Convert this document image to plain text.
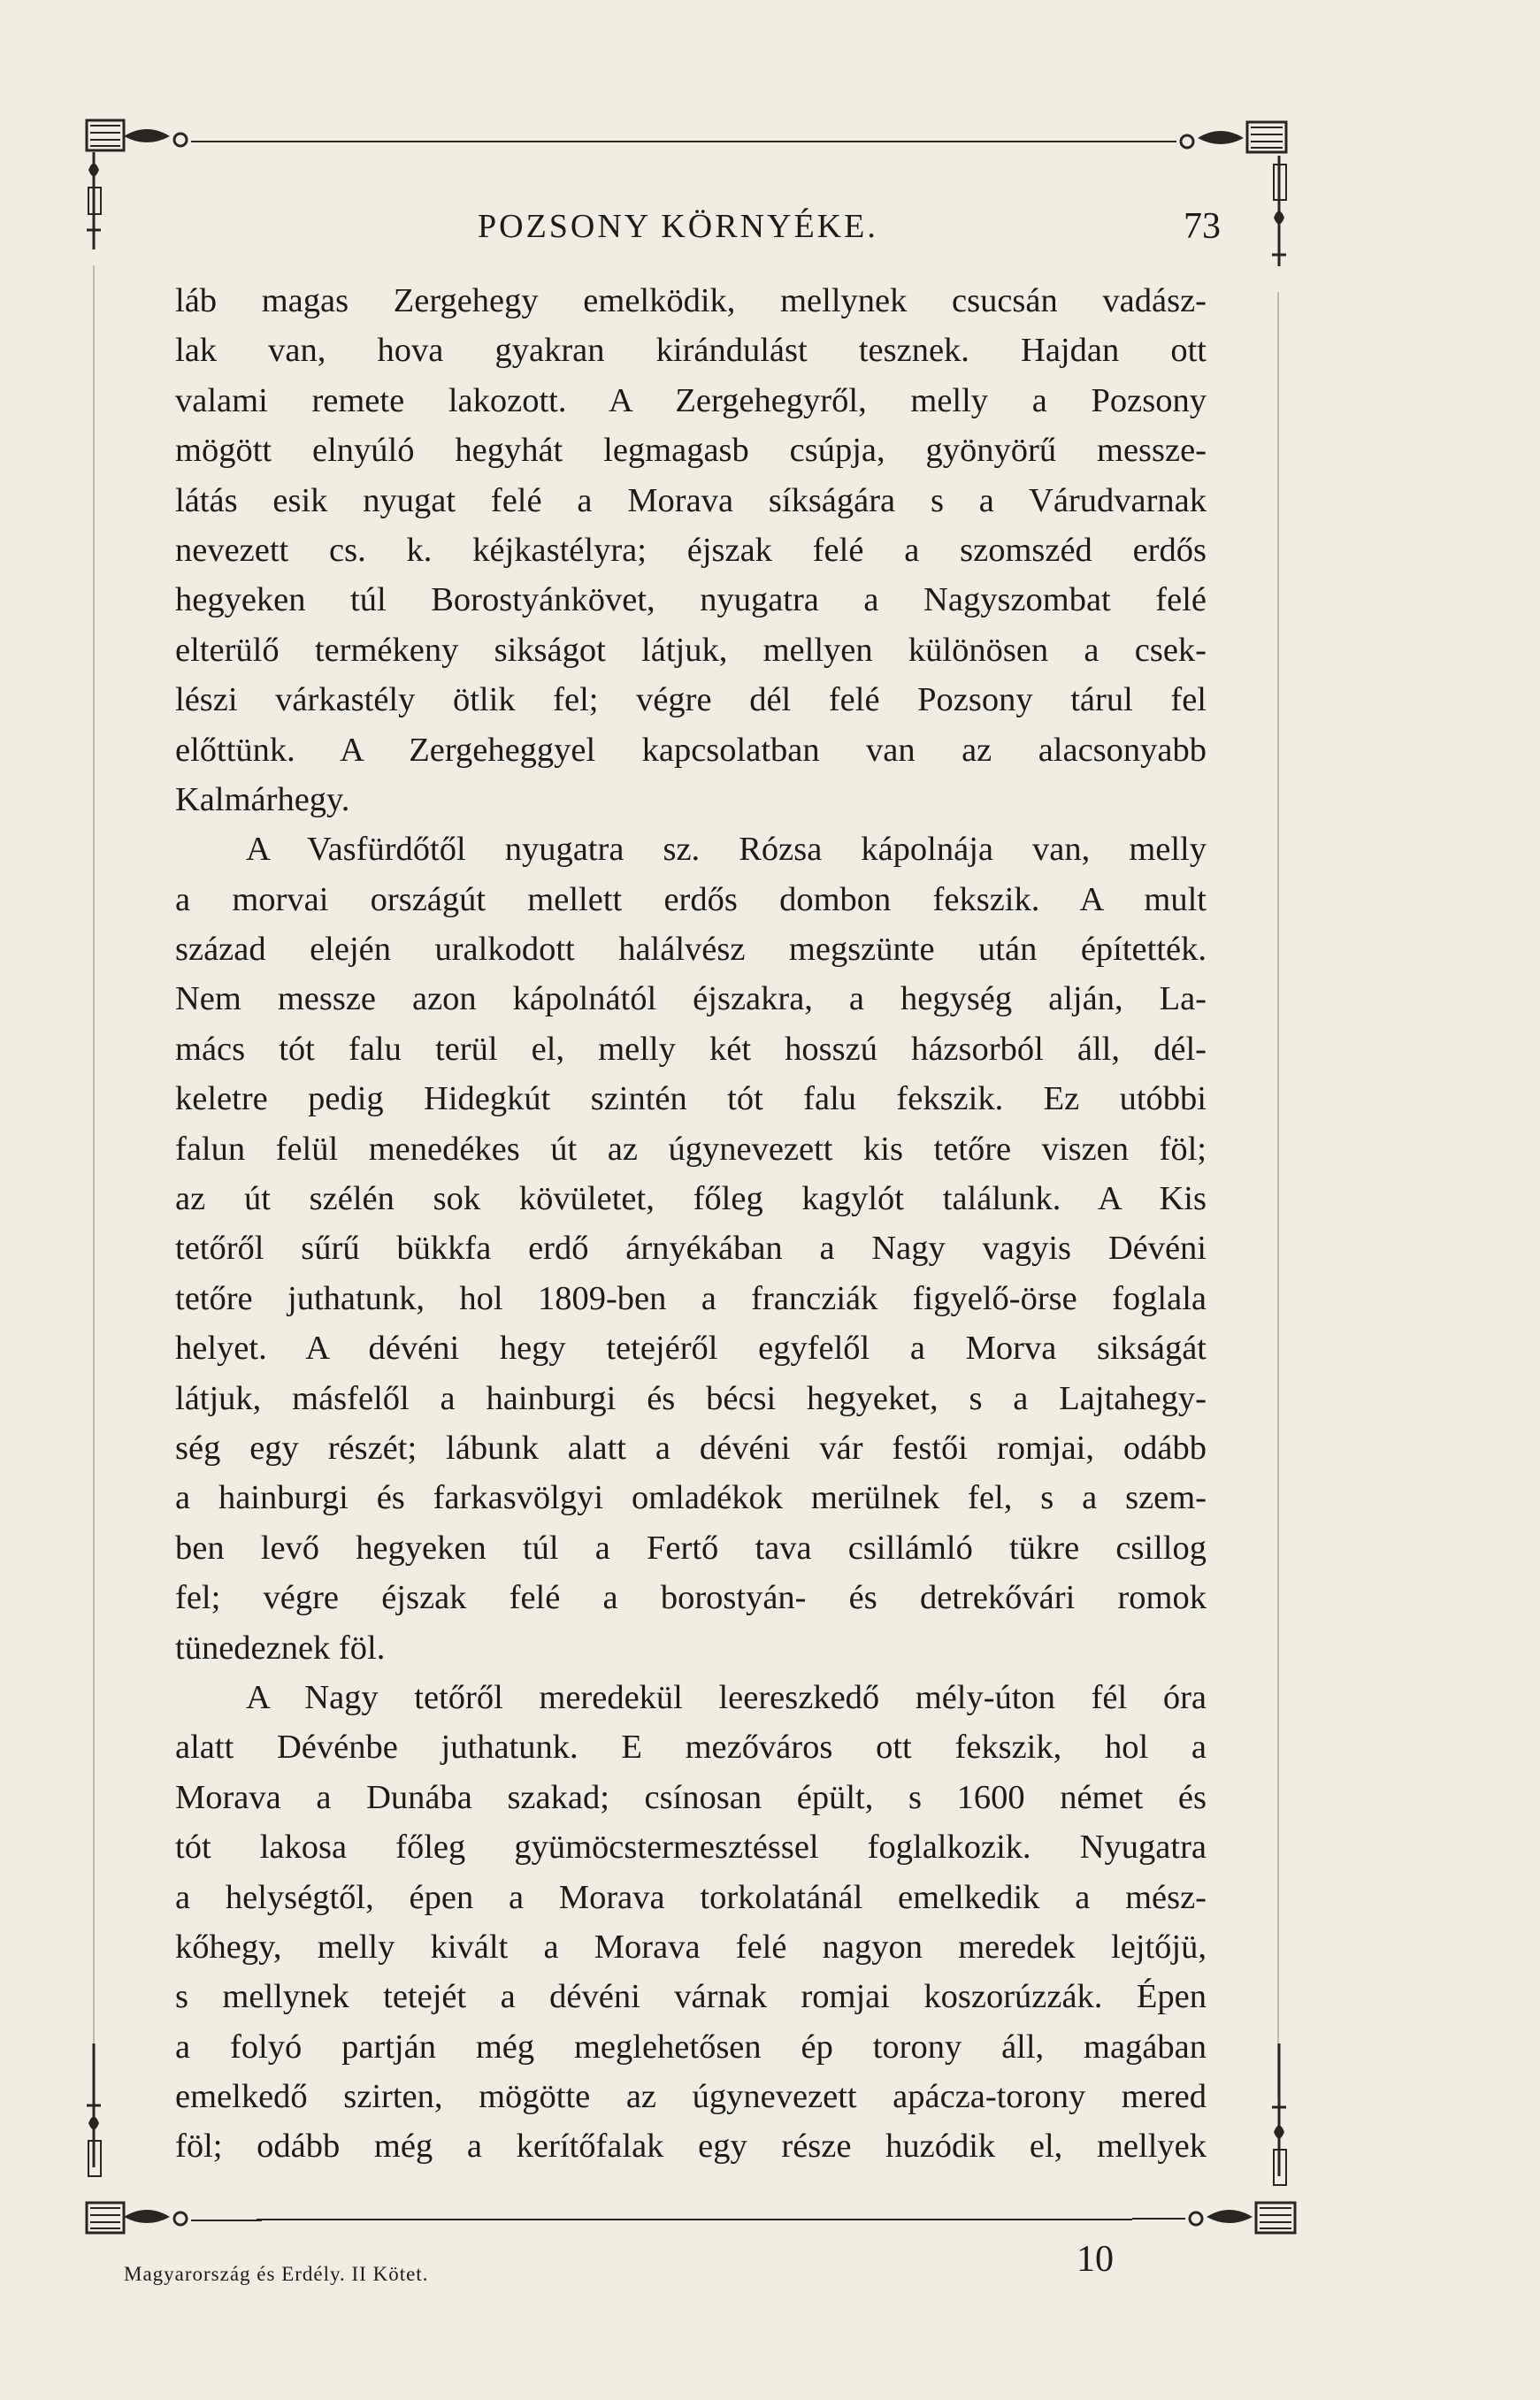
POZSONY KÖRNYÉKE.	73
láb magas Zergehegy emelködik, mellynek csucsán vadász-
lak van, hova gyakran kirándulást tesznek. Hajdan ott
valami remete lakozott. A Zergehegyről, melly a Pozsony
mögött elnyúló hegyhát legmagasb csúpja, gyönyörű messze-
látás esik nyugat felé a Morava síkságára s a Várudvarnak
nevezett cs. k. kéjkastélyra; éjszak felé a szomszéd erdős
hegyeken túl Borostyánkövet, nyugatra a Nagyszombat felé
elterülő termékeny sikságot látjuk, mellyen különösen a csek-
lészi várkastély ötlik fel; végre dél felé Pozsony tárul fel
előttünk. A Zergeheggyel kapcsolatban van az alacsonyabb
Kalmárhegy.
A Vasfürdőtől nyugatra sz. Rózsa kápolnája van, melly
a morvai országút mellett erdős dombon fekszik. A mult
század elején uralkodott halálvész megszünte után építették.
Nem messze azon kápolnától éjszakra, a hegység alján, La-
mács tót falu terül el, melly két hosszú házsorból áll, dél-
keletre pedig Hidegkút szintén tót falu fekszik. Ez utóbbi
falun felül menedékes út az úgynevezett kis tetőre viszen föl;
az út szélén sok kövületet, főleg kagylót találunk. A Kis
tetőről sűrű bükkfa erdő árnyékában a Nagy vagyis Dévéni
tetőre juthatunk, hol 1809-ben a francziák figyelő-örse foglala
helyet. A dévéni hegy tetejéről egyfelől a Morva sikságát
látjuk, másfelől a hainburgi és bécsi hegyeket, s a Lajtahegy-
ség egy részét; lábunk alatt a dévéni vár festői romjai, odább
a hainburgi és farkasvölgyi omladékok merülnek fel, s a szem-
ben levő hegyeken túl a Fertő tava csillámló tükre csillog
fel; végre éjszak felé a borostyán- és detrekővári romok
tünedeznek föl.
A Nagy tetőről meredekül leereszkedő mély-úton fél óra
alatt Dévénbe juthatunk. E mezőváros ott fekszik, hol a
Morava a Dunába szakad; csínosan épült, s 1600 német és
tót lakosa főleg gyümöcstermesztéssel foglalkozik. Nyugatra
a helységtől, épen a Morava torkolatánál emelkedik a mész-
kőhegy, melly kivált a Morava felé nagyon meredek lejtőjü,
s mellynek tetejét a dévéni várnak romjai koszorúzzák. Épen
a folyó partján még meglehetősen ép torony áll, magában
emelkedő szirten, mögötte az úgynevezett apácza-torony mered
föl; odább még a kerítőfalak egy része huzódik el, mellyek
Magyarország és Erdély. II Kötet.	10
